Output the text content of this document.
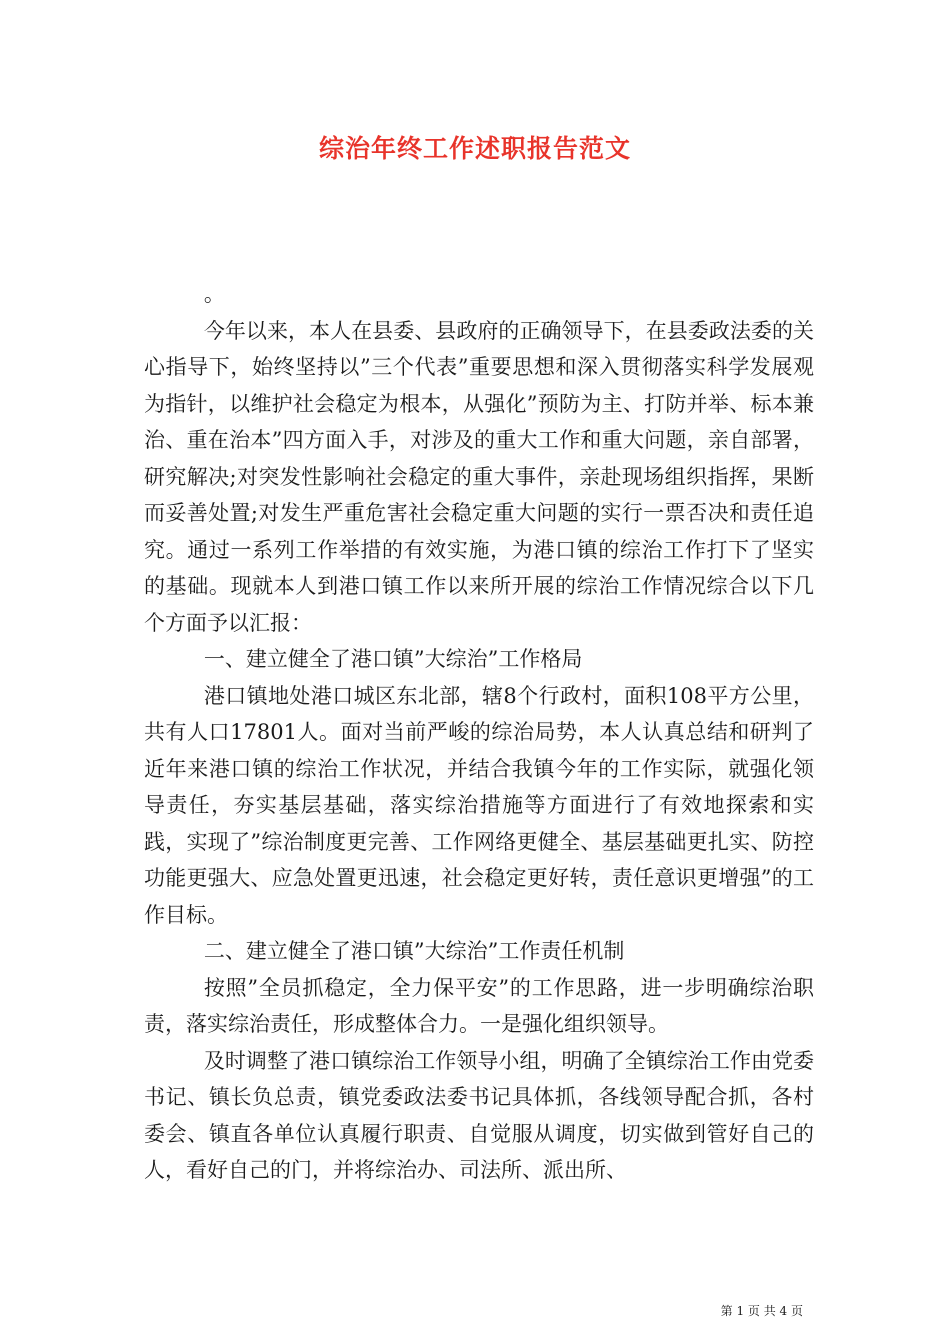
综治年终工作述职报告范文

。

今年以来，本人在县委、县政府的正确领导下，在县委政法委的关心指导下，始终坚持以”三个代表”重要思想和深入贯彻落实科学发展观为指针，以维护社会稳定为根本，从强化”预防为主、打防并举、标本兼治、重在治本”四方面入手，对涉及的重大工作和重大问题，亲自部署，研究解决;对突发性影响社会稳定的重大事件，亲赴现场组织指挥，果断而妥善处置;对发生严重危害社会稳定重大问题的实行一票否决和责任追究。通过一系列工作举措的有效实施，为港口镇的综治工作打下了坚实的基础。现就本人到港口镇工作以来所开展的综治工作情况综合以下几个方面予以汇报：

一、建立健全了港口镇”大综治”工作格局

港口镇地处港口城区东北部，辖8个行政村，面积108平方公里，共有人口17801人。面对当前严峻的综治局势，本人认真总结和研判了近年来港口镇的综治工作状况，并结合我镇今年的工作实际，就强化领导责任，夯实基层基础，落实综治措施等方面进行了有效地探索和实践，实现了”综治制度更完善、工作网络更健全、基层基础更扎实、防控功能更强大、应急处置更迅速，社会稳定更好转，责任意识更增强”的工作目标。

二、建立健全了港口镇”大综治”工作责任机制

按照”全员抓稳定，全力保平安”的工作思路，进一步明确综治职责，落实综治责任，形成整体合力。一是强化组织领导。

及时调整了港口镇综治工作领导小组，明确了全镇综治工作由党委书记、镇长负总责，镇党委政法委书记具体抓，各线领导配合抓，各村委会、镇直各单位认真履行职责、自觉服从调度，切实做到管好自己的人，看好自己的门，并将综治办、司法所、派出所、

第 1 页 共 4 页
